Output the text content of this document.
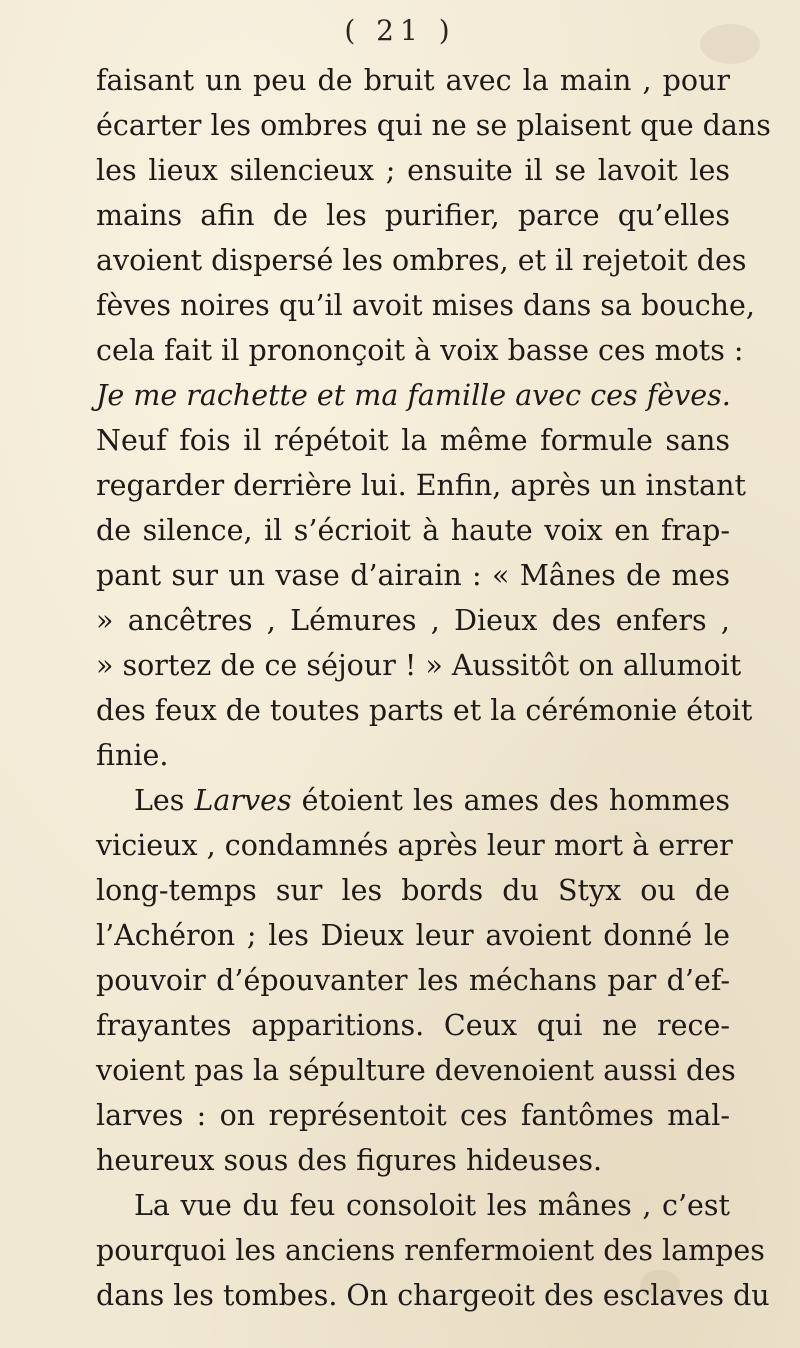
( 21 )
faisant un peu de bruit avec la main , pour
écarter les ombres qui ne se plaisent que dans
les lieux silencieux ; ensuite il se lavoit les
mains afin de les purifier, parce qu’elles
avoient dispersé les ombres, et il rejetoit des
fèves noires qu’il avoit mises dans sa bouche,
cela fait il prononçoit à voix basse ces mots :
Je me rachette et ma famille avec ces fèves.
Neuf fois il répétoit la même formule sans
regarder derrière lui. Enfin, après un instant
de silence, il s’écrioit à haute voix en frap-
pant sur un vase d’airain : « Mânes de mes
» ancêtres , Lémures , Dieux des enfers ,
» sortez de ce séjour ! » Aussitôt on allumoit
des feux de toutes parts et la cérémonie étoit
finie.
Les Larves étoient les ames des hommes
vicieux , condamnés après leur mort à errer
long-temps sur les bords du Styx ou de
l’Achéron ; les Dieux leur avoient donné le
pouvoir d’épouvanter les méchans par d’ef-
frayantes apparitions. Ceux qui ne rece-
voient pas la sépulture devenoient aussi des
larves : on représentoit ces fantômes mal-
heureux sous des figures hideuses.
La vue du feu consoloit les mânes , c’est
pourquoi les anciens renfermoient des lampes
dans les tombes. On chargeoit des esclaves du
